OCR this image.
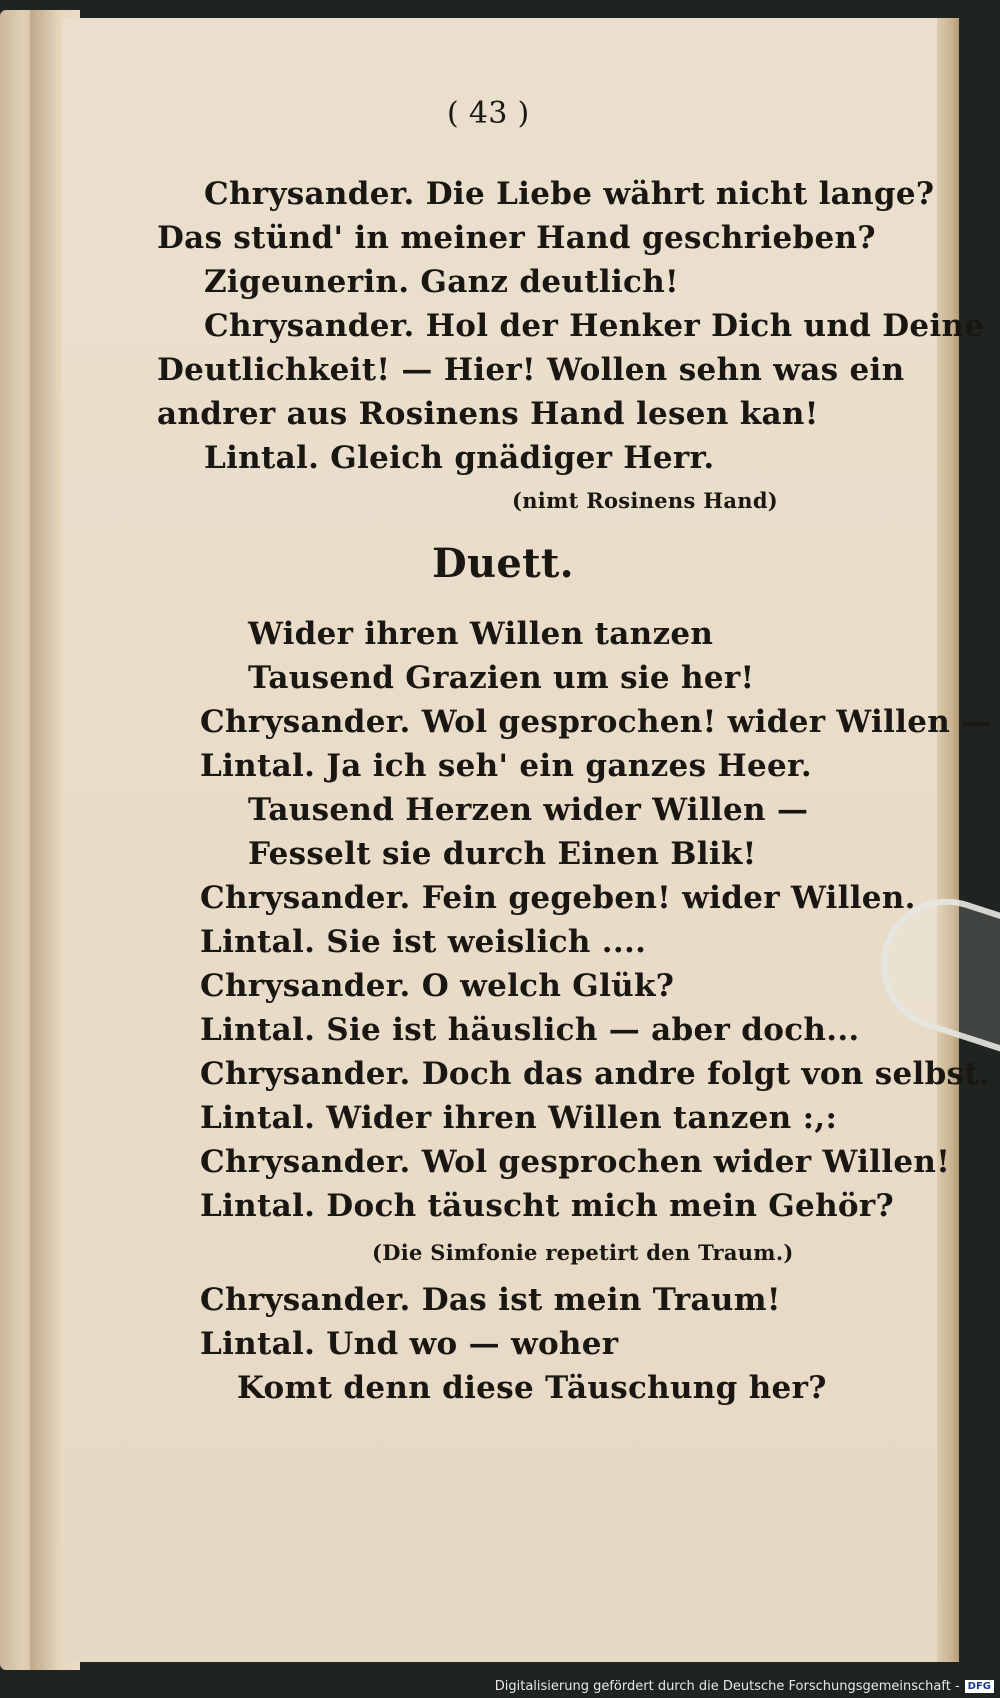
( 43 )
Chrysander. Die Liebe währt nicht lange?
Das stünd' in meiner Hand geschrieben?
Zigeunerin. Ganz deutlich!
Chrysander. Hol der Henker Dich und Deine
Deutlichkeit! — Hier! Wollen sehn was ein
andrer aus Rosinens Hand lesen kan!
Lintal. Gleich gnädiger Herr.
(nimt Rosinens Hand)
Duett.
Wider ihren Willen tanzen
Tausend Grazien um sie her!
Chrysander. Wol gesprochen! wider Willen —
Lintal. Ja ich seh' ein ganzes Heer.
Tausend Herzen wider Willen —
Fesselt sie durch Einen Blik!
Chrysander. Fein gegeben! wider Willen.
Lintal. Sie ist weislich ....
Chrysander. O welch Glük?
Lintal. Sie ist häuslich — aber doch...
Chrysander. Doch das andre folgt von selbst.
Lintal. Wider ihren Willen tanzen :,:
Chrysander. Wol gesprochen wider Willen!
Lintal. Doch täuscht mich mein Gehör?
(Die Simfonie repetirt den Traum.)
Chrysander. Das ist mein Traum!
Lintal. Und wo — woher
Komt denn diese Täuschung her?
Digitalisierung gefördert durch die Deutsche Forschungsgemeinschaft - DFG
